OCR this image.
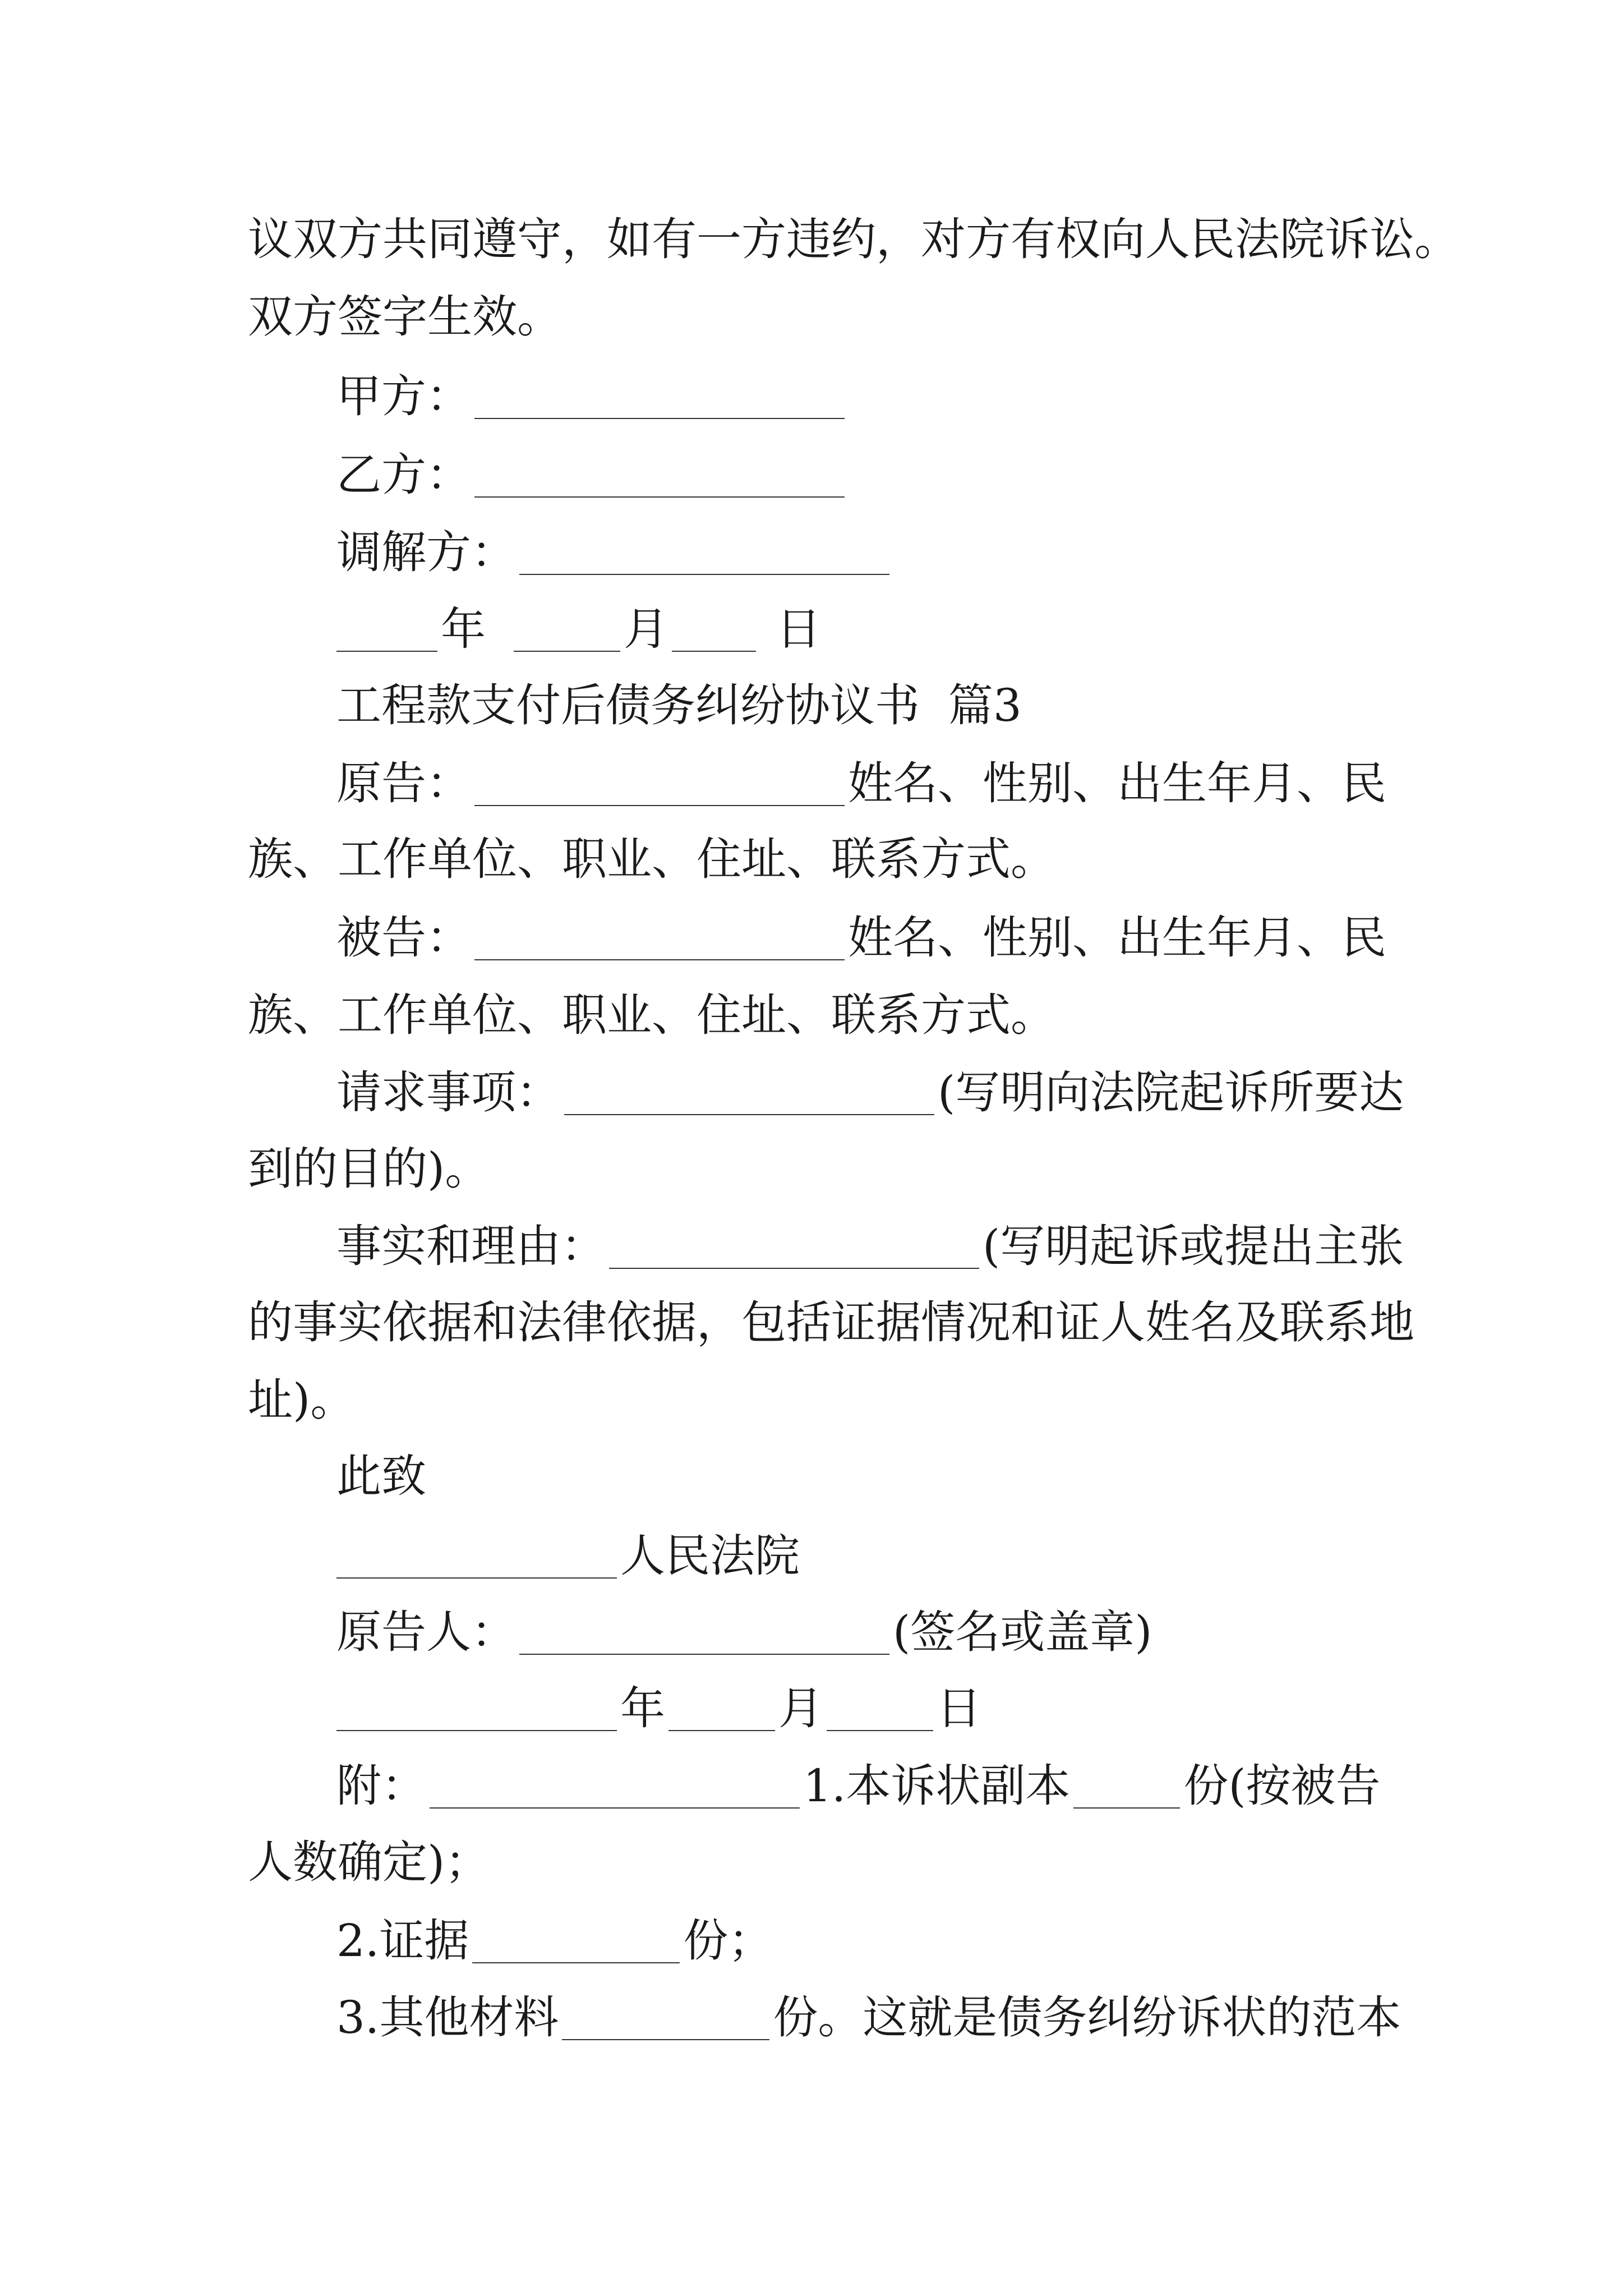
议双方共同遵守，如有一方违约，对方有权向人民法院诉讼。
双方签字生效。
甲方：
乙方：
调解方：
年	月 日
工程款支付后债务纠纷协议书  篇3
原告：	姓名、性别、出生年月、民
族、工作单位、职业、住址、联系方式。
被告：	姓名、性别、出生年月、民
族、工作单位、职业、住址、联系方式。
请求事项：	(写明向法院起诉所要达
到的目的)。
事实和理由：	(写明起诉或提出主张
的事实依据和法律依据，包括证据情况和证人姓名及联系地
址)。
此致
人民法院
原告人：	(签名或盖章)
年	月	日
附：	1.本诉状副本	份(按被告
人数确定)；
2.证据	份；
3.其他材料	份。这就是债务纠纷诉状的范本
